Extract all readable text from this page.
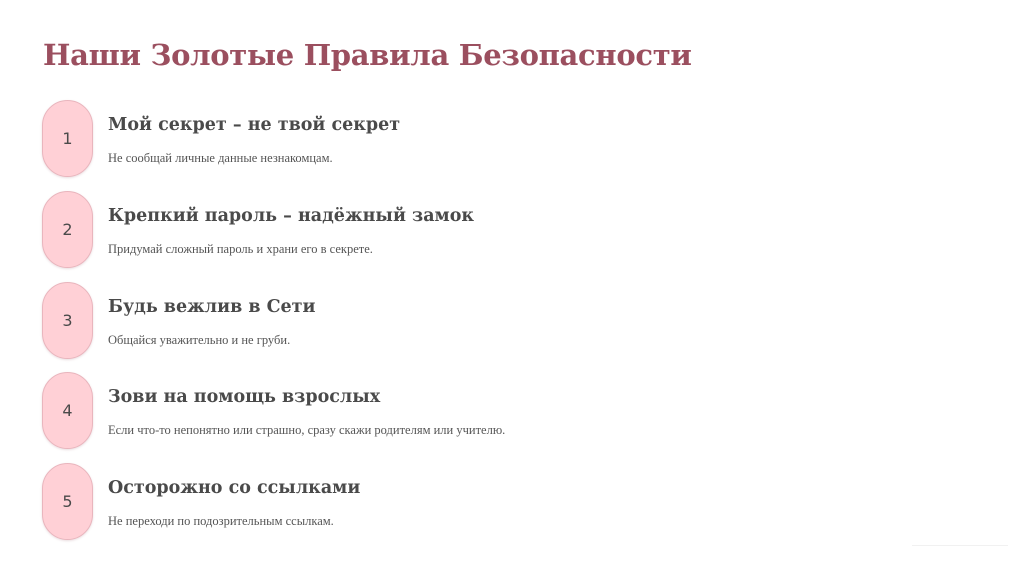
Наши Золотые Правила Безопасности
1
Мой секрет – не твой секрет

Не сообщай личные данные незнакомцам.

2
Крепкий пароль – надёжный замок

Придумай сложный пароль и храни его в секрете.

3
Будь вежлив в Сети

Общайся уважительно и не груби.

4
Зови на помощь взрослых

Если что-то непонятно или страшно, сразу скажи родителям или учителю.

5
Осторожно со ссылками

Не переходи по подозрительным ссылкам.
